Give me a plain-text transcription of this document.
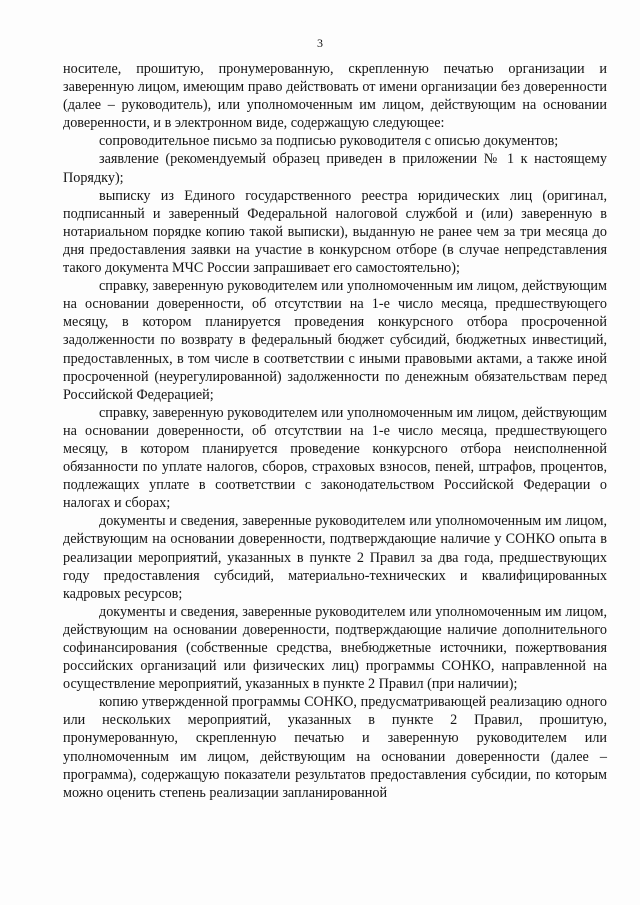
3

носителе, прошитую, пронумерованную, скрепленную печатью организации и заверенную лицом, имеющим право действовать от имени организации без доверенности (далее – руководитель), или уполномоченным им лицом, действующим на основании доверенности, и в электронном виде, содержащую следующее:

сопроводительное письмо за подписью руководителя с описью документов;

заявление (рекомендуемый образец приведен в приложении № 1 к настоящему Порядку);

выписку из Единого государственного реестра юридических лиц (оригинал, подписанный и заверенный Федеральной налоговой службой и (или) заверенную в нотариальном порядке копию такой выписки), выданную не ранее чем за три месяца до дня предоставления заявки на участие в конкурсном отборе (в случае непредставления такого документа МЧС России запрашивает его самостоятельно);

справку, заверенную руководителем или уполномоченным им лицом, действующим на основании доверенности, об отсутствии на 1-е число месяца, предшествующего месяцу, в котором планируется проведения конкурсного отбора просроченной задолженности по возврату в федеральный бюджет субсидий, бюджетных инвестиций, предоставленных, в том числе в соответствии с иными правовыми актами, а также иной просроченной (неурегулированной) задолженности по денежным обязательствам перед Российской Федерацией;

справку, заверенную руководителем или уполномоченным им лицом, действующим на основании доверенности, об отсутствии на 1-е число месяца, предшествующего месяцу, в котором планируется проведение конкурсного отбора неисполненной обязанности по уплате налогов, сборов, страховых взносов, пеней, штрафов, процентов, подлежащих уплате в соответствии с законодательством Российской Федерации о налогах и сборах;

документы и сведения, заверенные руководителем или уполномоченным им лицом, действующим на основании доверенности, подтверждающие наличие у СОНКО опыта в реализации мероприятий, указанных в пункте 2 Правил за два года, предшествующих году предоставления субсидий, материально-технических и квалифицированных кадровых ресурсов;

документы и сведения, заверенные руководителем или уполномоченным им лицом, действующим на основании доверенности, подтверждающие наличие дополнительного софинансирования (собственные средства, внебюджетные источники, пожертвования российских организаций или физических лиц) программы СОНКО, направленной на осуществление мероприятий, указанных в пункте 2 Правил (при наличии);

копию утвержденной программы СОНКО, предусматривающей реализацию одного или нескольких мероприятий, указанных в пункте 2 Правил, прошитую, пронумерованную, скрепленную печатью и заверенную руководителем или уполномоченным им лицом, действующим на основании доверенности (далее – программа), содержащую показатели результатов предоставления субсидии, по которым можно оценить степень реализации запланированной
